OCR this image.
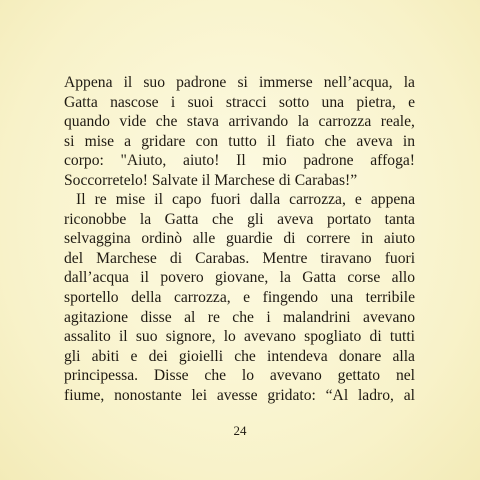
Appena il suo padrone si immerse nell’acqua, la
Gatta nascose i suoi stracci sotto una pietra, e
quando vide che stava arrivando la carrozza reale,
si mise a gridare con tutto il fiato che aveva in
corpo: "Aiuto, aiuto! Il mio padrone affoga!
Soccorretelo! Salvate il Marchese di Carabas!”

Il re mise il capo fuori dalla carrozza, e appena
riconobbe la Gatta che gli aveva portato tanta
selvaggina ordinò alle guardie di correre in aiuto
del Marchese di Carabas. Mentre tiravano fuori
dall’acqua il povero giovane, la Gatta corse allo
sportello della carrozza, e fingendo una terribile
agitazione disse al re che i malandrini avevano
assalito il suo signore, lo avevano spogliato di tutti
gli abiti e dei gioielli che intendeva donare alla
principessa. Disse che lo avevano gettato nel
fiume, nonostante lei avesse gridato: “Al ladro, al

24
